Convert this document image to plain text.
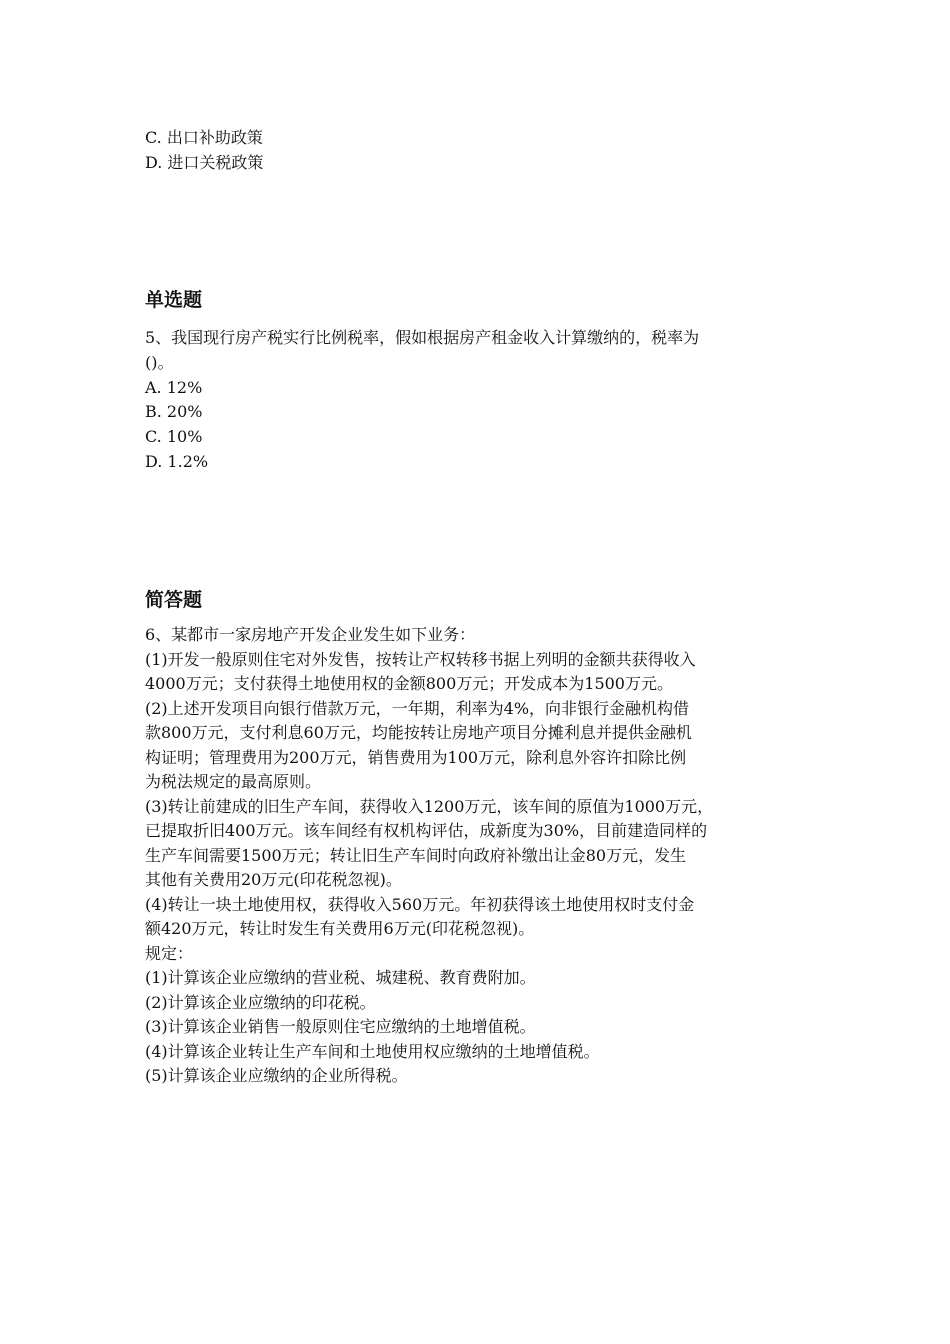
C. 出口补助政策
D. 进口关税政策
单选题
5、我国现行房产税实行比例税率，假如根据房产租金收入计算缴纳的，税率为
()。
A. 12%
B. 20%
C. 10%
D. 1.2%
简答题
6、某都市一家房地产开发企业发生如下业务：
(1)开发一般原则住宅对外发售，按转让产权转移书据上列明的金额共获得收入
4000万元；支付获得土地使用权的金额800万元；开发成本为1500万元。
(2)上述开发项目向银行借款万元，一年期，利率为4%，向非银行金融机构借
款800万元，支付利息60万元，均能按转让房地产项目分摊利息并提供金融机
构证明；管理费用为200万元，销售费用为100万元，除利息外容许扣除比例
为税法规定的最高原则。
(3)转让前建成的旧生产车间，获得收入1200万元，该车间的原值为1000万元，
已提取折旧400万元。该车间经有权机构评估，成新度为30%，目前建造同样的
生产车间需要1500万元；转让旧生产车间时向政府补缴出让金80万元，发生
其他有关费用20万元(印花税忽视)。
(4)转让一块土地使用权，获得收入560万元。年初获得该土地使用权时支付金
额420万元，转让时发生有关费用6万元(印花税忽视)。
规定：
(1)计算该企业应缴纳的营业税、城建税、教育费附加。
(2)计算该企业应缴纳的印花税。
(3)计算该企业销售一般原则住宅应缴纳的土地增值税。
(4)计算该企业转让生产车间和土地使用权应缴纳的土地增值税。
(5)计算该企业应缴纳的企业所得税。
